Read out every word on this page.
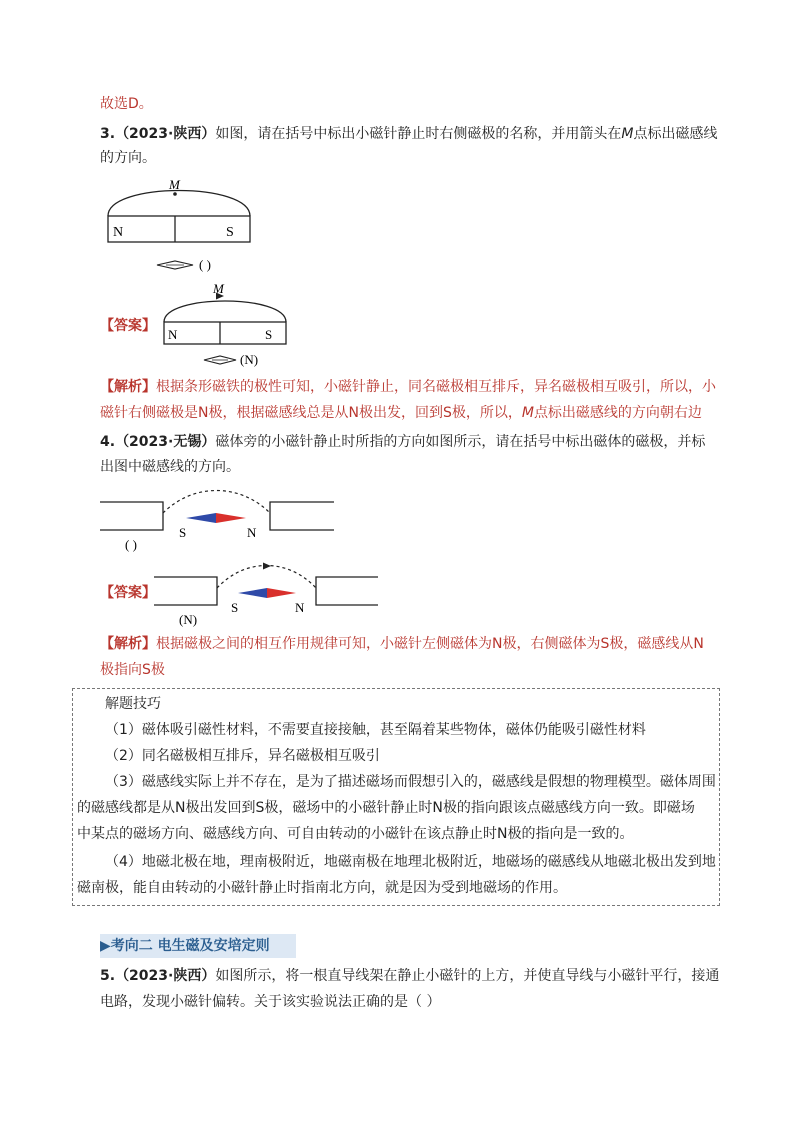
故选D。
3.（2023·陕西）如图，请在括号中标出小磁针静止时右侧磁极的名称，并用箭头在M点标出磁感线
的方向。
M
N	S
( )
【答案】
M
N	S
(N)
【解析】根据条形磁铁的极性可知，小磁针静止，同名磁极相互排斥，异名磁极相互吸引，所以，小
磁针右侧磁极是N极，根据磁感线总是从N极出发，回到S极，所以，M点标出磁感线的方向朝右边
4.（2023·无锡）磁体旁的小磁针静止时所指的方向如图所示，请在括号中标出磁体的磁极，并标
出图中磁感线的方向。
S	N
( )
【答案】
S	N
(N)
【解析】根据磁极之间的相互作用规律可知，小磁针左侧磁体为N极，右侧磁体为S极，磁感线从N
极指向S极
解题技巧
（1）磁体吸引磁性材料，不需要直接接触，甚至隔着某些物体，磁体仍能吸引磁性材料
（2）同名磁极相互排斥，异名磁极相互吸引
（3）磁感线实际上并不存在，是为了描述磁场而假想引入的，磁感线是假想的物理模型。磁体周围
的磁感线都是从N极出发回到S极，磁场中的小磁针静止时N极的指向跟该点磁感线方向一致。即磁场
中某点的磁场方向、磁感线方向、可自由转动的小磁针在该点静止时N极的指向是一致的。
（4）地磁北极在地，理南极附近，地磁南极在地理北极附近，地磁场的磁感线从地磁北极出发到地
磁南极，能自由转动的小磁针静止时指南北方向，就是因为受到地磁场的作用。
▶考向二 电生磁及安培定则
5.（2023·陕西）如图所示，将一根直导线架在静止小磁针的上方，并使直导线与小磁针平行，接通
电路，发现小磁针偏转。关于该实验说法正确的是（ ）
